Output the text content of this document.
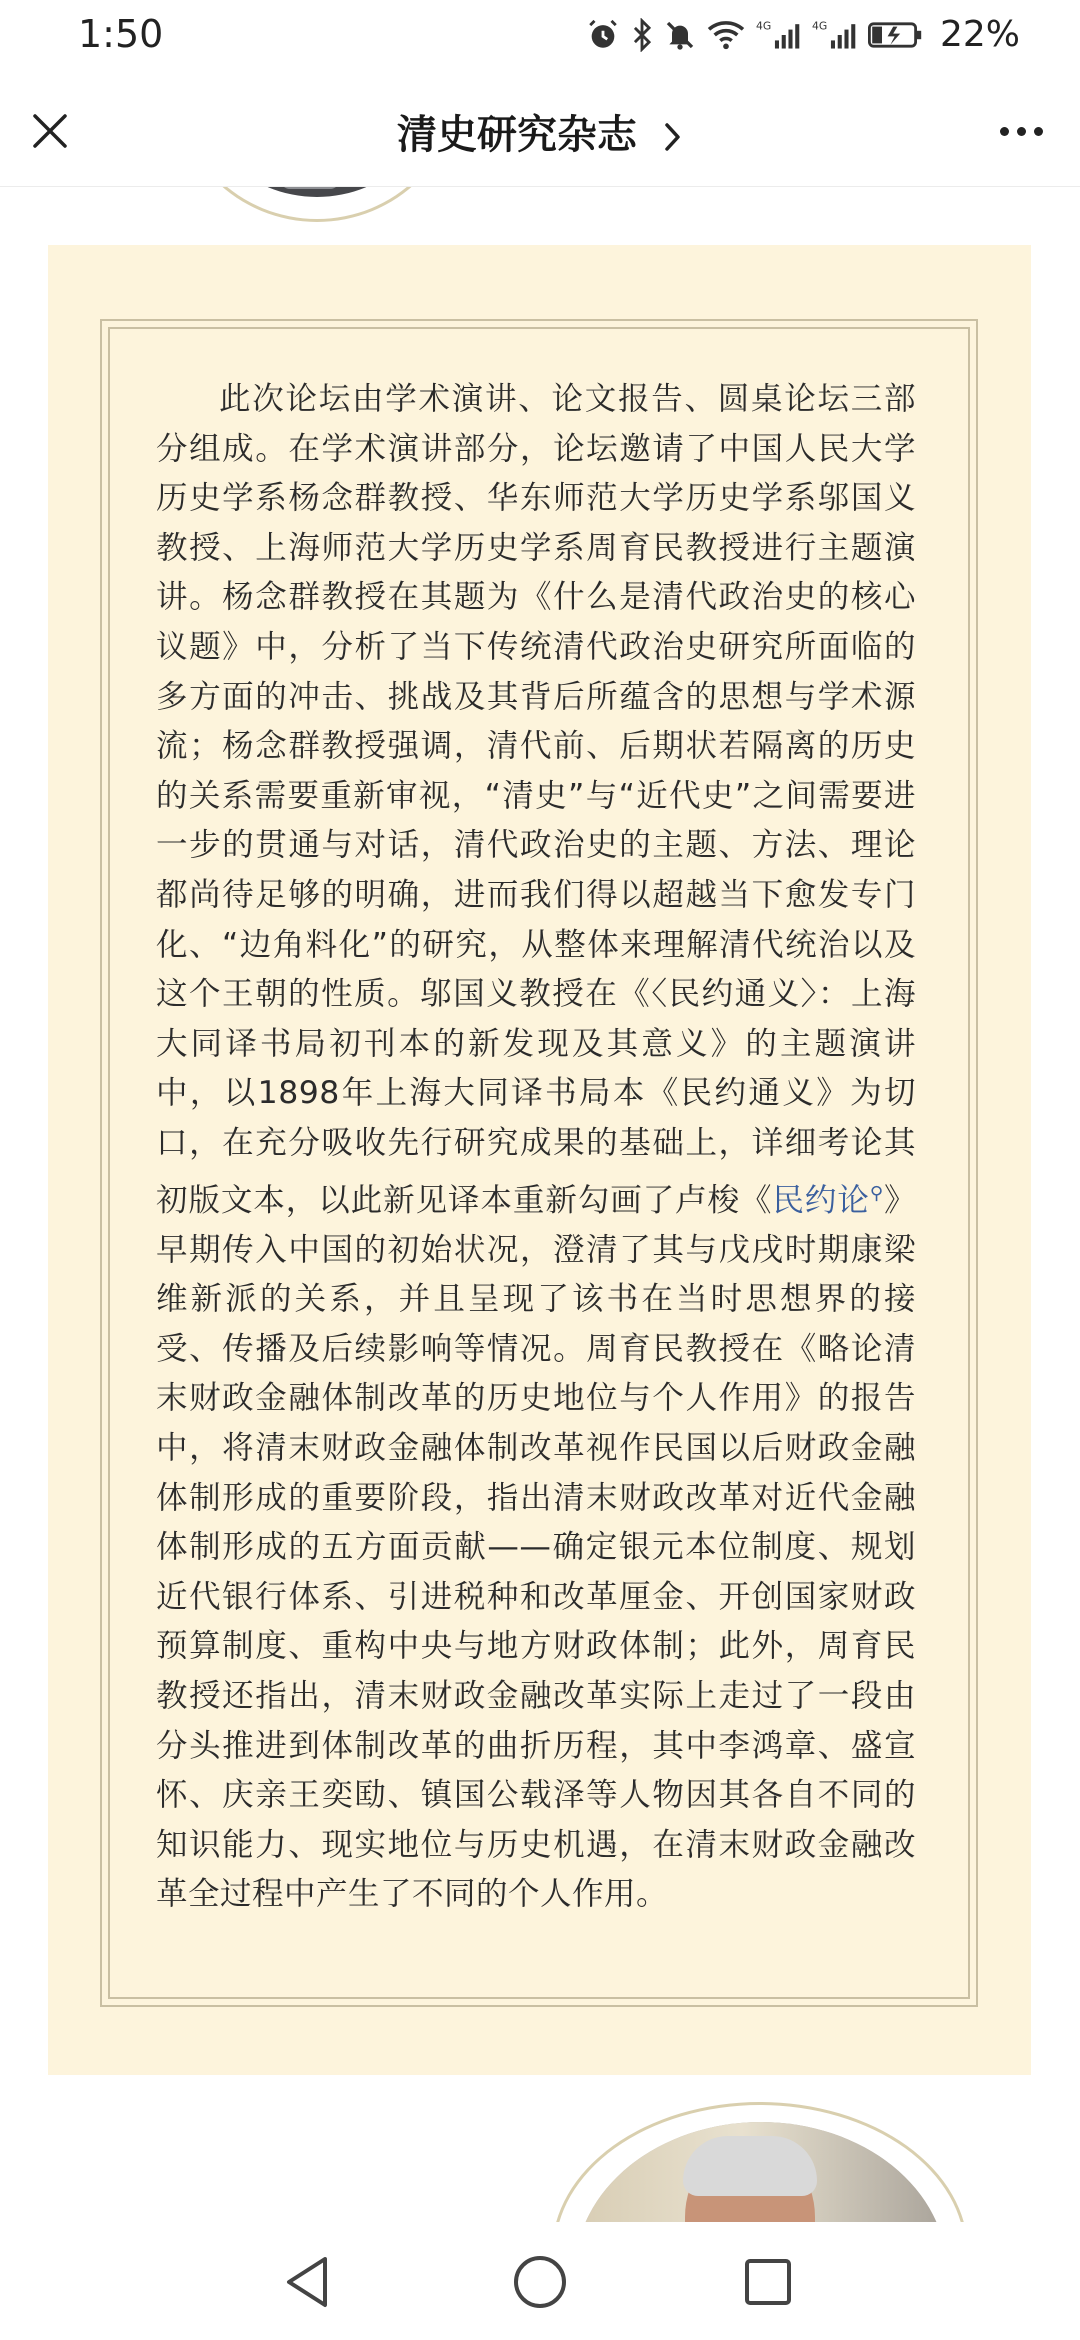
1:50	4G	4G	22%
清史研究杂志

此次论坛由学术演讲、论文报告、圆桌论坛三部分组成。在学术演讲部分，论坛邀请了中国人民大学历史学系杨念群教授、华东师范大学历史学系邬国义教授、上海师范大学历史学系周育民教授进行主题演讲。杨念群教授在其题为《什么是清代政治史的核心议题》中，分析了当下传统清代政治史研究所面临的多方面的冲击、挑战及其背后所蕴含的思想与学术源流；杨念群教授强调，清代前、后期状若隔离的历史的关系需要重新审视，“清史”与“近代史”之间需要进一步的贯通与对话，清代政治史的主题、方法、理论都尚待足够的明确，进而我们得以超越当下愈发专门化、“边角料化”的研究，从整体来理解清代统治以及这个王朝的性质。邬国义教授在《〈民约通义〉：上海大同译书局初刊本的新发现及其意义》的主题演讲中，以1898年上海大同译书局本《民约通义》为切口，在充分吸收先行研究成果的基础上，详细考论其初版文本，以此新见译本重新勾画了卢梭《民约论⚲》早期传入中国的初始状况，澄清了其与戊戌时期康梁维新派的关系，并且呈现了该书在当时思想界的接受、传播及后续影响等情况。周育民教授在《略论清末财政金融体制改革的历史地位与个人作用》的报告中，将清末财政金融体制改革视作民国以后财政金融体制形成的重要阶段，指出清末财政改革对近代金融体制形成的五方面贡献——确定银元本位制度、规划近代银行体系、引进税种和改革厘金、开创国家财政预算制度、重构中央与地方财政体制；此外，周育民教授还指出，清末财政金融改革实际上走过了一段由分头推进到体制改革的曲折历程，其中李鸿章、盛宣怀、庆亲王奕劻、镇国公载泽等人物因其各自不同的知识能力、现实地位与历史机遇，在清末财政金融改革全过程中产生了不同的个人作用。
